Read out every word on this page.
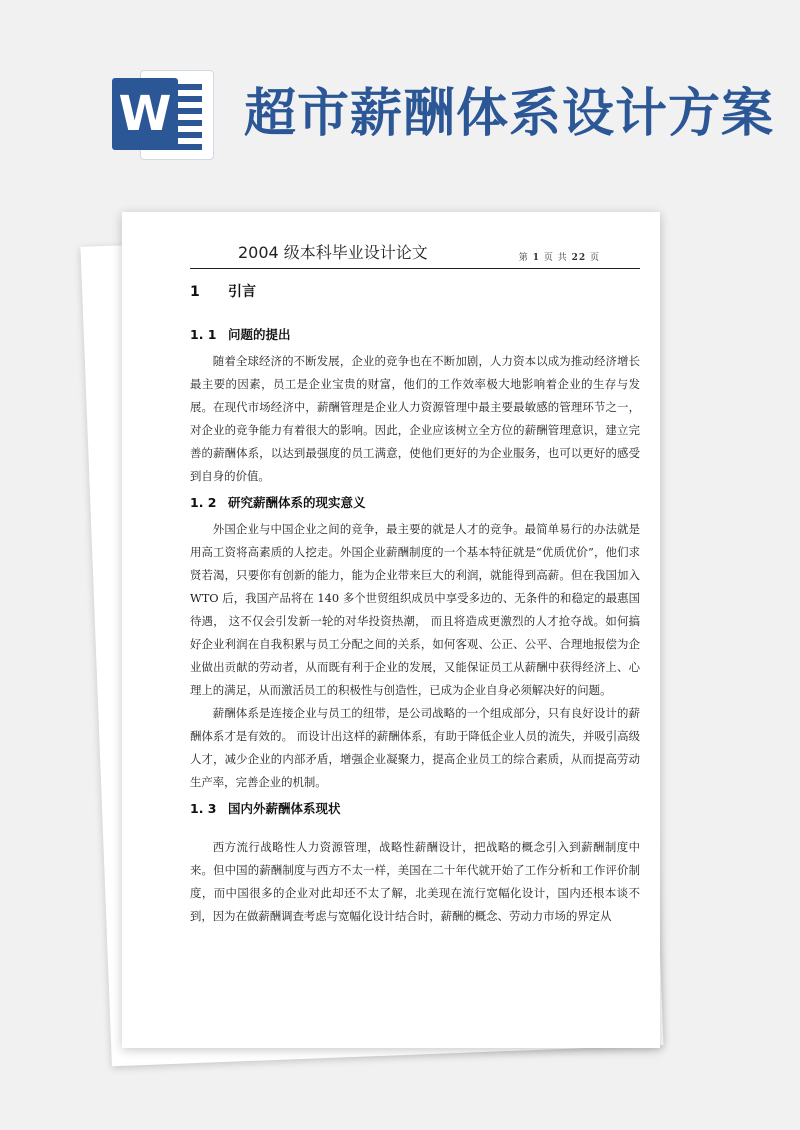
W 超市薪酬体系设计方案
2004 级本科毕业设计论文	第 1 页 共 22 页
1 引言
1. 1 问题的提出

随着全球经济的不断发展，企业的竞争也在不断加剧，人力资本以成为推动经济增长最主要的因素，员工是企业宝贵的财富，他们的工作效率极大地影响着企业的生存与发展。在现代市场经济中，薪酬管理是企业人力资源管理中最主要最敏感的管理环节之一，对企业的竞争能力有着很大的影响。因此，企业应该树立全方位的薪酬管理意识，建立完善的薪酬体系，以达到最强度的员工满意，使他们更好的为企业服务，也可以更好的感受到自身的价值。

1. 2 研究薪酬体系的现实意义

外国企业与中国企业之间的竞争，最主要的就是人才的竞争。最简单易行的办法就是用高工资将高素质的人挖走。外国企业薪酬制度的一个基本特征就是“优质优价”，他们求贤若渴，只要你有创新的能力，能为企业带来巨大的利润，就能得到高薪。但在我国加入 WTO 后，我国产品将在 140 多个世贸组织成员中享受多边的、无条件的和稳定的最惠国待遇， 这不仅会引发新一轮的对华投资热潮， 而且将造成更激烈的人才抢夺战。如何搞好企业利润在自我积累与员工分配之间的关系，如何客观、公正、公平、合理地报偿为企业做出贡献的劳动者，从而既有利于企业的发展，又能保证员工从薪酬中获得经济上、心理上的满足，从而激活员工的积极性与创造性，已成为企业自身必须解决好的问题。

薪酬体系是连接企业与员工的纽带，是公司战略的一个组成部分，只有良好设计的薪酬体系才是有效的。 而设计出这样的薪酬体系，有助于降低企业人员的流失，并吸引高级人才，减少企业的内部矛盾，增强企业凝聚力，提高企业员工的综合素质，从而提高劳动生产率，完善企业的机制。

1. 3 国内外薪酬体系现状

西方流行战略性人力资源管理，战略性薪酬设计，把战略的概念引入到薪酬制度中来。但中国的薪酬制度与西方不太一样，美国在二十年代就开始了工作分析和工作评价制度，而中国很多的企业对此却还不太了解，北美现在流行宽幅化设计，国内还根本谈不到，因为在做薪酬调查考虑与宽幅化设计结合时，薪酬的概念、劳动力市场的界定从
